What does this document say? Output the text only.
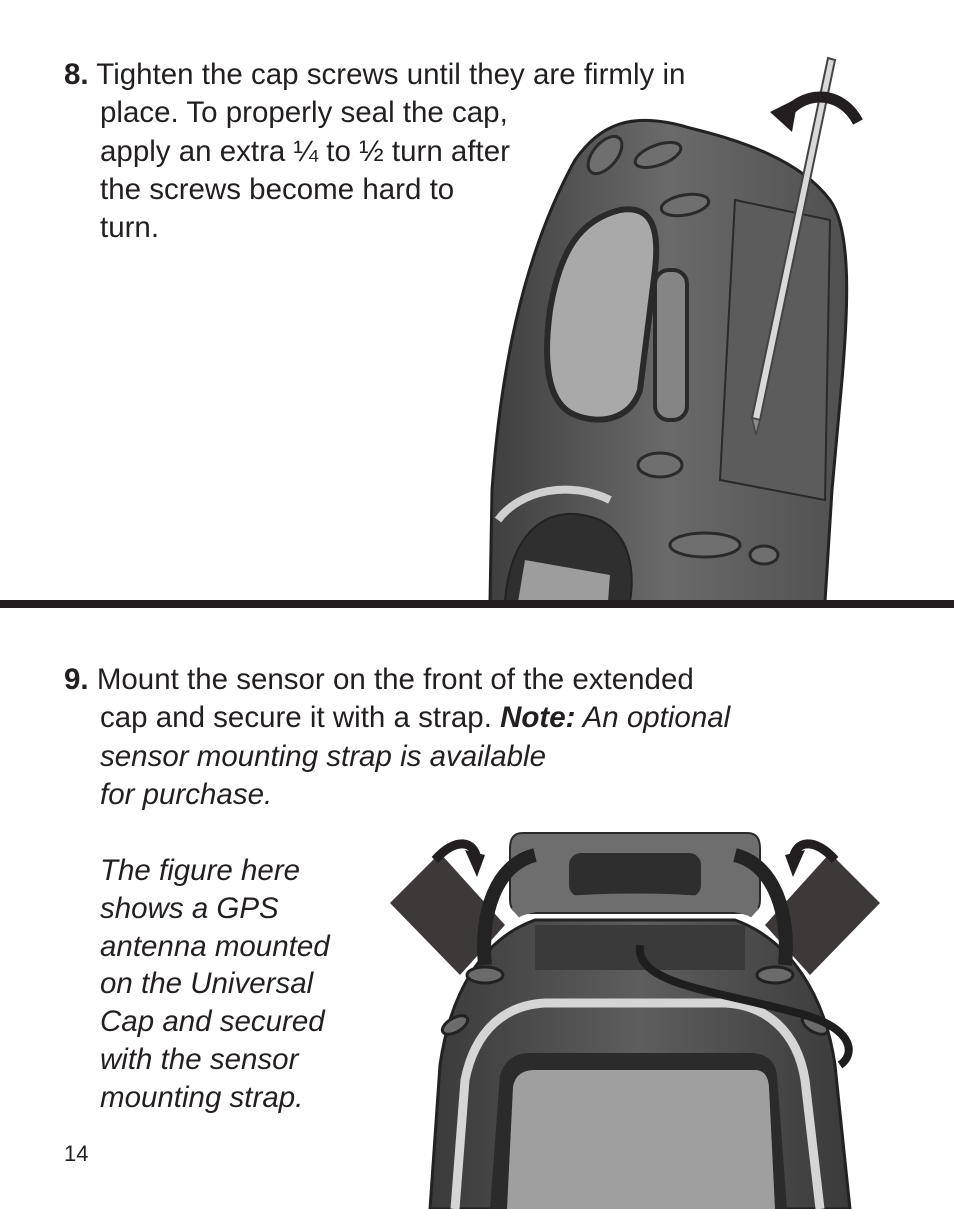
8. Tighten the cap screws until they are firmly in
place. To properly seal the cap,
apply an extra ¼ to ½ turn after
the screws become hard to
turn.
9. Mount the sensor on the front of the extended
cap and secure it with a strap. Note: An optional
sensor mounting strap is available
for purchase.
The figure here
shows a GPS
antenna mounted
on the Universal
Cap and secured
with the sensor
mounting strap.
14
